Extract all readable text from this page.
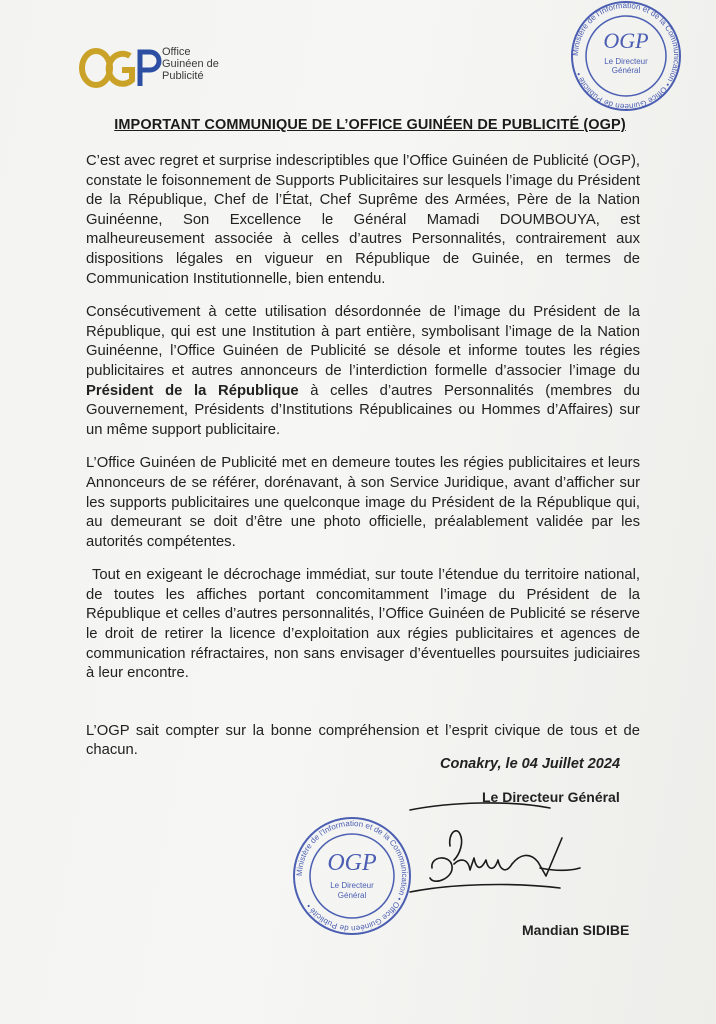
Office
Guinéen de
Publicité
Ministère de l'Information et de la Communication • Office Guinéen de Publicité •
OGP
Le Directeur
Général
IMPORTANT COMMUNIQUE DE L’OFFICE GUINÉEN DE PUBLICITÉ (OGP)

C’est avec regret et surprise indescriptibles que l’Office Guinéen de Publicité (OGP), constate le foisonnement de Supports Publicitaires sur lesquels l’image du Président de la République, Chef de l’État, Chef Suprême des Armées, Père de la Nation Guinéenne, Son Excellence le Général Mamadi DOUMBOUYA, est malheureusement associée à celles d’autres Personnalités, contrairement aux dispositions légales en vigueur en République de Guinée, en termes de Communication Institutionnelle, bien entendu.

Consécutivement à cette utilisation désordonnée de l’image du Président de la République, qui est une Institution à part entière, symbolisant l’image de la Nation Guinéenne, l’Office Guinéen de Publicité se désole et informe toutes les régies publicitaires et autres annonceurs de l’interdiction formelle d’associer l’image du Président de la République à celles d’autres Personnalités (membres du Gouvernement, Présidents d’Institutions Républicaines ou Hommes d’Affaires) sur un même support publicitaire.

L’Office Guinéen de Publicité met en demeure toutes les régies publicitaires et leurs Annonceurs de se référer, dorénavant, à son Service Juridique, avant d’afficher sur les supports publicitaires une quelconque image du Président de la République qui, au demeurant se doit d’être une photo officielle, préalablement validée par les autorités compétentes.

Tout en exigeant le décrochage immédiat, sur toute l’étendue du territoire national, de toutes les affiches portant concomitamment l’image du Président de la République et celles d’autres personnalités, l’Office Guinéen de Publicité se réserve le droit de retirer la licence d’exploitation aux régies publicitaires et agences de communication réfractaires, non sans envisager d’éventuelles poursuites judiciaires à leur encontre.

L’OGP sait compter sur la bonne compréhension et l’esprit civique de tous et de chacun.

Conakry, le 04 Juillet 2024
Le Directeur Général
Ministère de l'Information et de la Communication • Office Guinéen de Publicité •
OGP
Le Directeur
Général
Mandian SIDIBE
